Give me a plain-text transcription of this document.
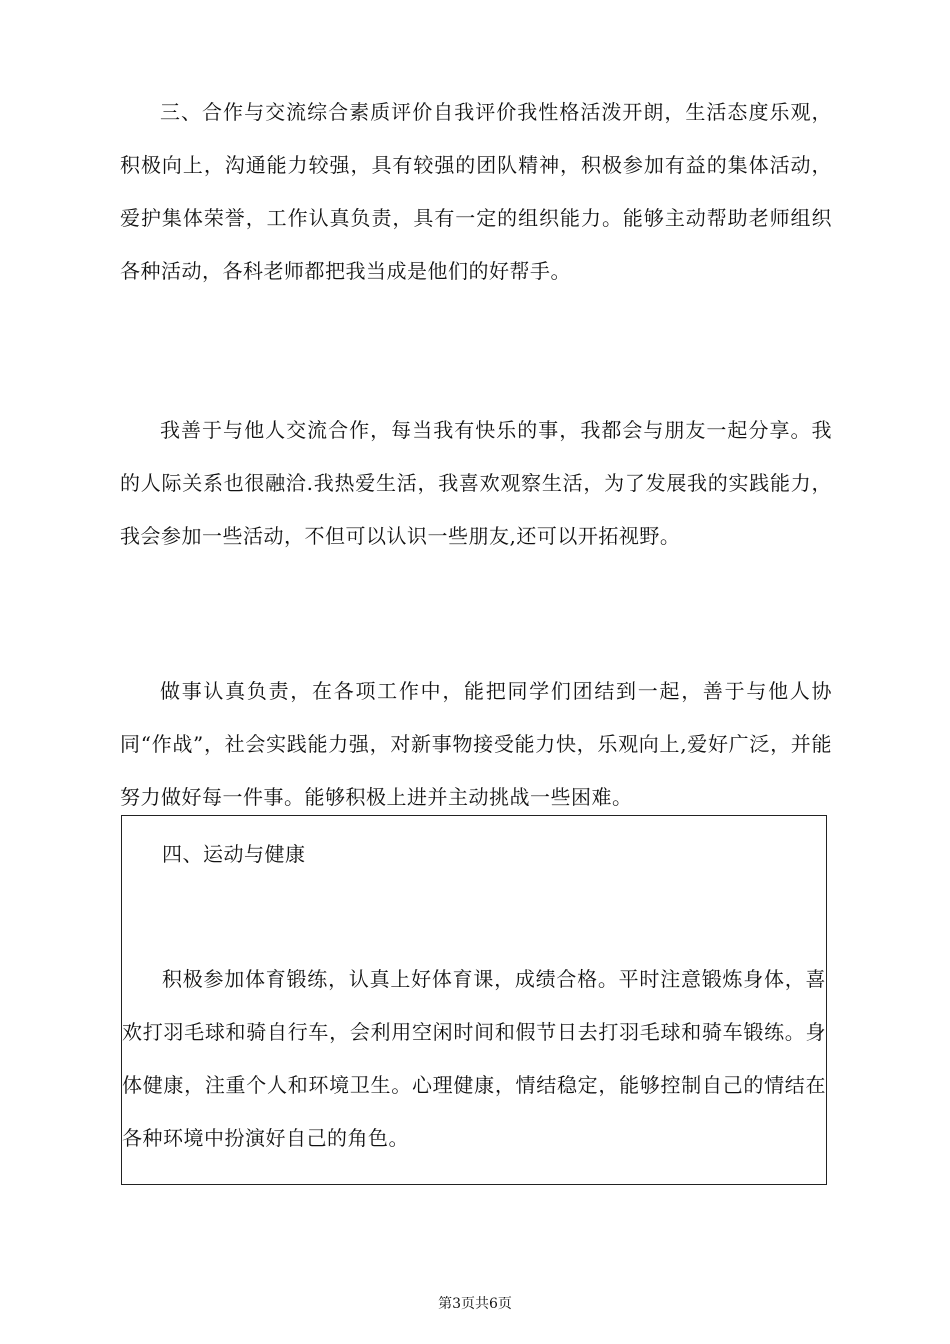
三、合作与交流综合素质评价自我评价我性格活泼开朗，生活态度乐观，积极向上，沟通能力较强，具有较强的团队精神，积极参加有益的集体活动，爱护集体荣誉，工作认真负责，具有一定的组织能力。能够主动帮助老师组织各种活动，各科老师都把我当成是他们的好帮手。

我善于与他人交流合作，每当我有快乐的事，我都会与朋友一起分享。我的人际关系也很融洽.我热爱生活，我喜欢观察生活，为了发展我的实践能力，我会参加一些活动，不但可以认识一些朋友,还可以开拓视野。

做事认真负责，在各项工作中，能把同学们团结到一起，善于与他人协同“作战”，社会实践能力强，对新事物接受能力快，乐观向上,爱好广泛，并能努力做好每一件事。能够积极上进并主动挑战一些困难。

四、运动与健康

积极参加体育锻练，认真上好体育课，成绩合格。平时注意锻炼身体，喜欢打羽毛球和骑自行车，会利用空闲时间和假节日去打羽毛球和骑车锻练。身体健康，注重个人和环境卫生。心理健康，情结稳定，能够控制自己的情结在各种环境中扮演好自己的角色。

第3页共6页
